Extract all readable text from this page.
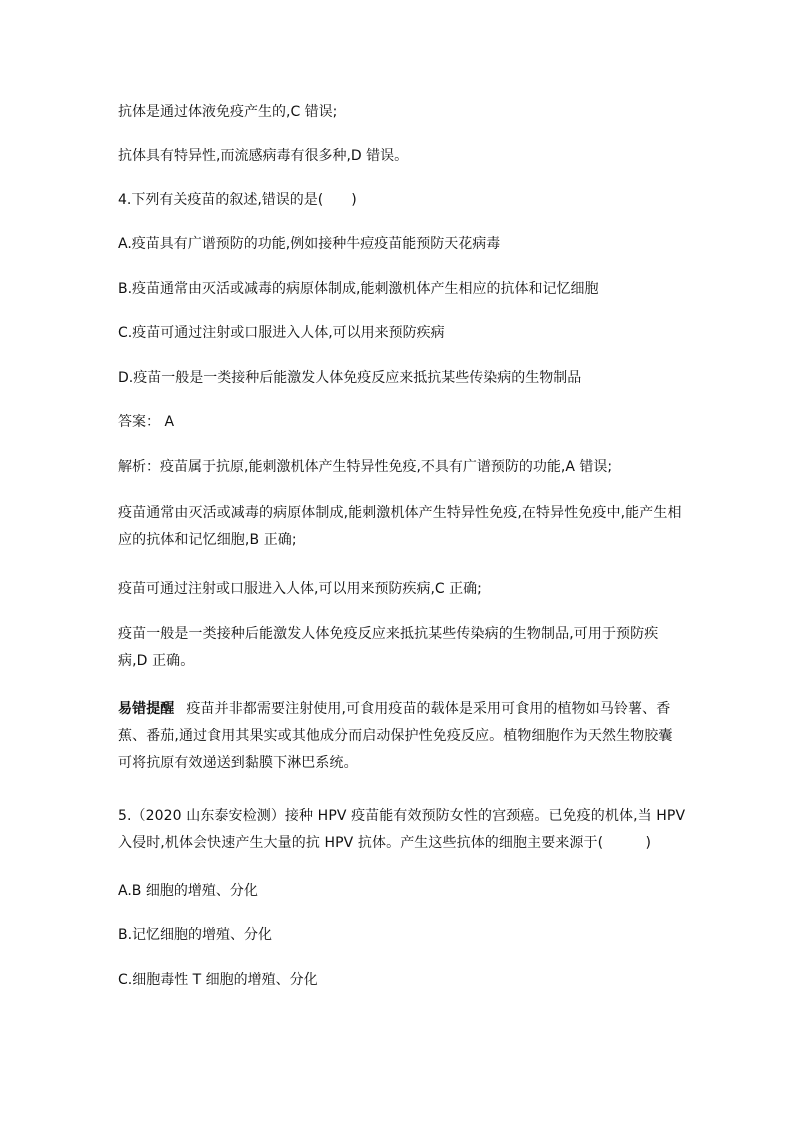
抗体是通过体液免疫产生的,C 错误;
抗体具有特异性,而流感病毒有很多种,D 错误。
4.下列有关疫苗的叙述,错误的是(　　)
A.疫苗具有广谱预防的功能,例如接种牛痘疫苗能预防天花病毒
B.疫苗通常由灭活或减毒的病原体制成,能刺激机体产生相应的抗体和记忆细胞
C.疫苗可通过注射或口服进入人体,可以用来预防疾病
D.疫苗一般是一类接种后能激发人体免疫反应来抵抗某些传染病的生物制品
答案： A
解析：疫苗属于抗原,能刺激机体产生特异性免疫,不具有广谱预防的功能,A 错误;
疫苗通常由灭活或减毒的病原体制成,能刺激机体产生特异性免疫,在特异性免疫中,能产生相应的抗体和记忆细胞,B 正确;
疫苗可通过注射或口服进入人体,可以用来预防疾病,C 正确;
疫苗一般是一类接种后能激发人体免疫反应来抵抗某些传染病的生物制品,可用于预防疾病,D 正确。
易错提醒 疫苗并非都需要注射使用,可食用疫苗的载体是采用可食用的植物如马铃薯、香蕉、番茄,通过食用其果实或其他成分而启动保护性免疫反应。植物细胞作为天然生物胶囊可将抗原有效递送到黏膜下淋巴系统。
5.（2020 山东泰安检测）接种 HPV 疫苗能有效预防女性的宫颈癌。已免疫的机体,当 HPV 入侵时,机体会快速产生大量的抗 HPV 抗体。产生这些抗体的细胞主要来源于(　　　)
A.B 细胞的增殖、分化
B.记忆细胞的增殖、分化
C.细胞毒性 T 细胞的增殖、分化
